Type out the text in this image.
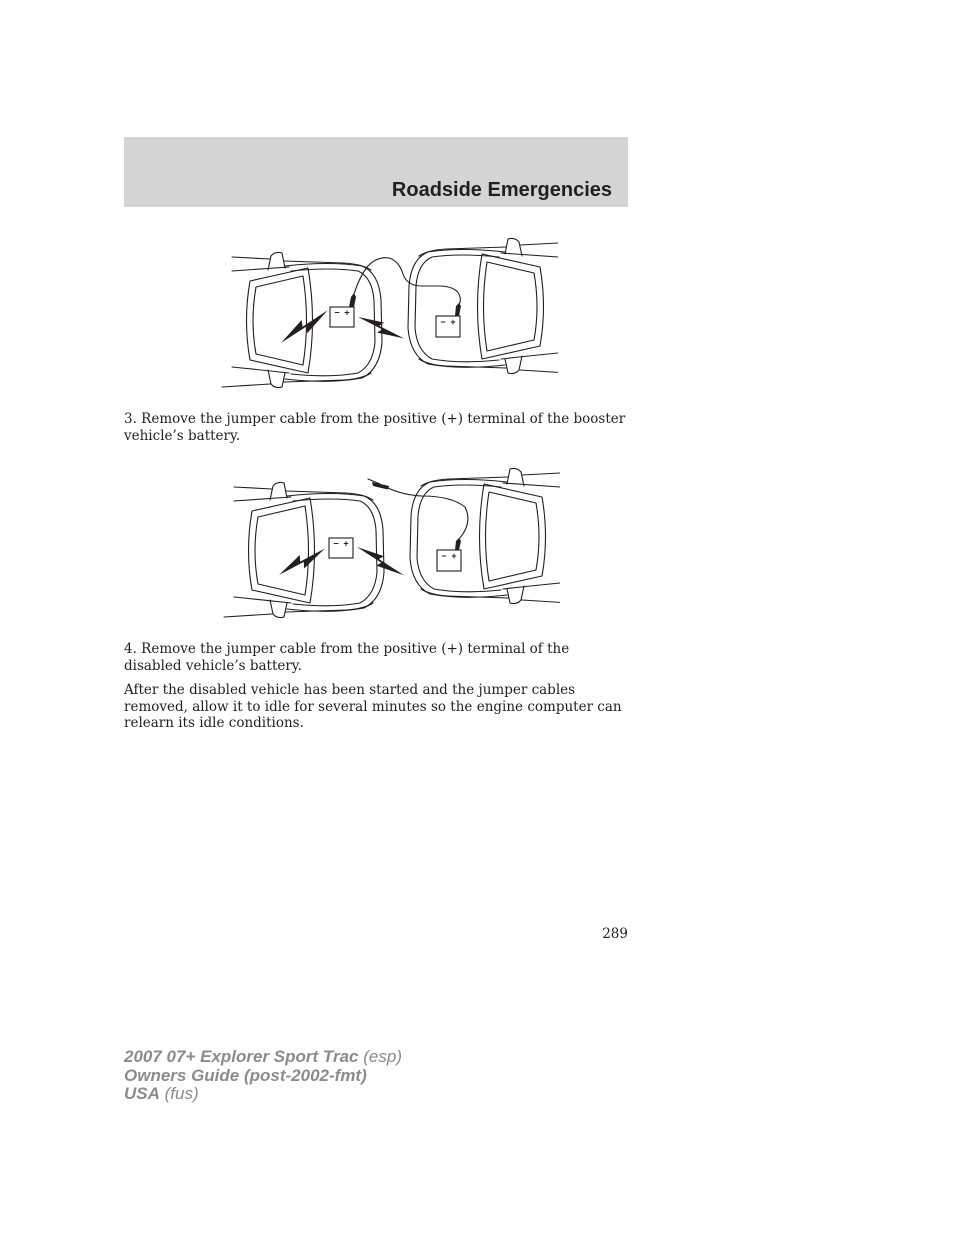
Roadside Emergencies
− +
− +
3. Remove the jumper cable from the positive (+) terminal of the booster
vehicle’s battery.
− +
− +
4. Remove the jumper cable from the positive (+) terminal of the
disabled vehicle’s battery.
After the disabled vehicle has been started and the jumper cables
removed, allow it to idle for several minutes so the engine computer can
relearn its idle conditions.
289
2007 07+ Explorer Sport Trac (esp)
Owners Guide (post-2002-fmt)
USA (fus)
